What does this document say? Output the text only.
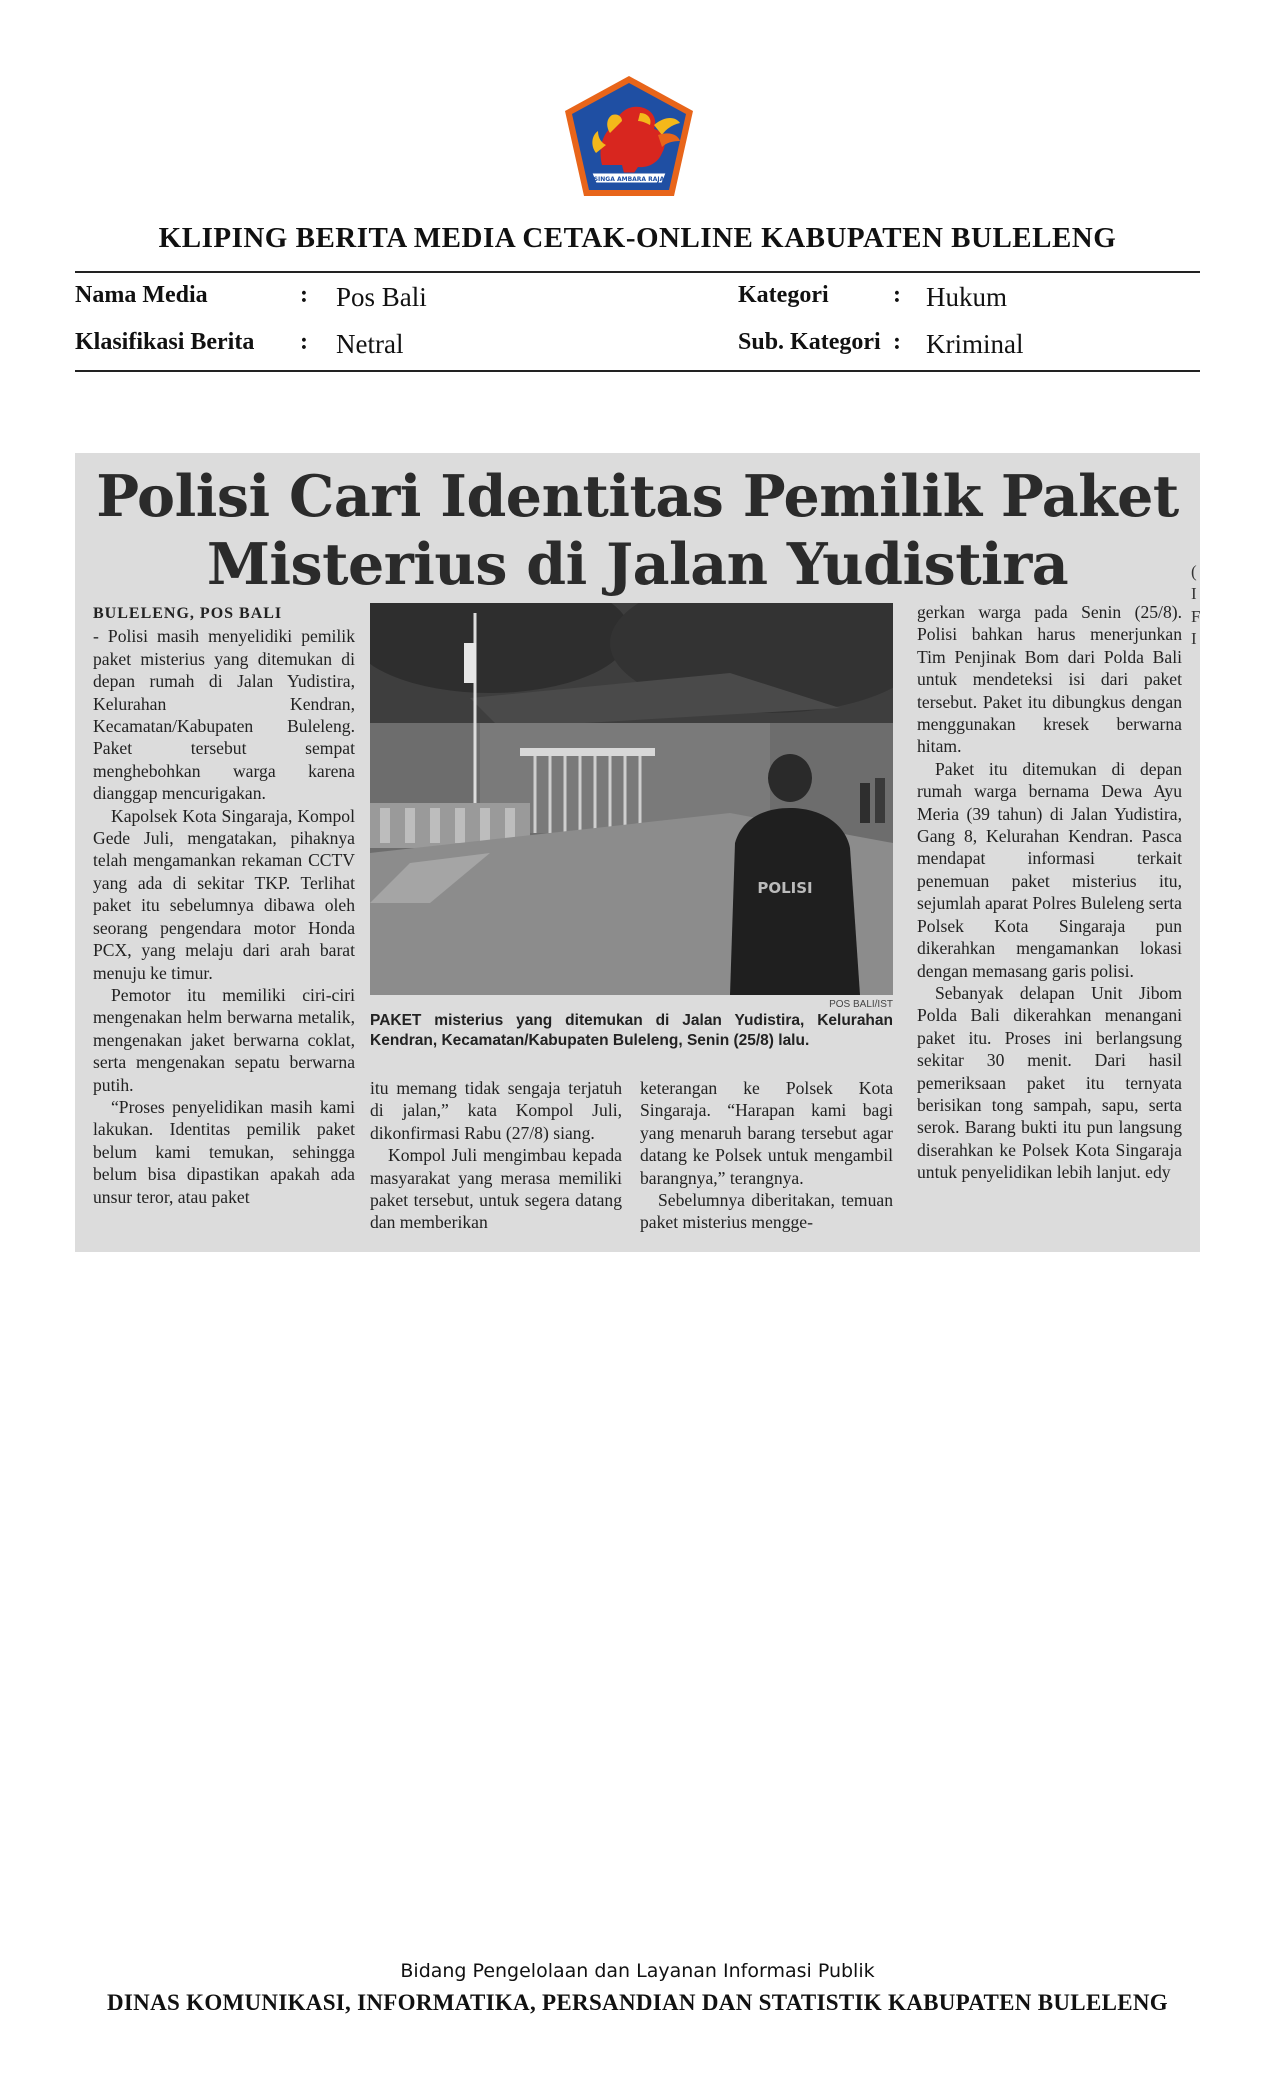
SINGA AMBARA RAJA
KLIPING BERITA MEDIA CETAK-ONLINE KABUPATEN BULELENG
Nama Media	: Pos Bali
Klasifikasi Berita : Netral
Kategori	: Hukum
Sub. Kategori : Kriminal
Polisi Cari Identitas Pemilik Paket
Misterius di Jalan Yudistira
BULELENG, POS BALI

- Polisi masih menyelidiki pemilik paket misterius yang ditemukan di depan rumah di Jalan Yudistira, Kelurahan Kendran, Kecamatan/Kabupaten Buleleng. Paket tersebut sempat menghebohkan warga karena dianggap mencurigakan.

Kapolsek Kota Singaraja, Kompol Gede Juli, mengatakan, pihaknya telah mengamankan rekaman CCTV yang ada di sekitar TKP. Terlihat paket itu sebelumnya dibawa oleh seorang pengendara motor Honda PCX, yang melaju dari arah barat menuju ke timur.

Pemotor itu memiliki ciri-ciri mengenakan helm berwarna metalik, mengenakan jaket berwarna coklat, serta mengenakan sepatu berwarna putih.

“Proses penyelidikan masih kami lakukan. Identitas pemilik paket belum kami temukan, sehingga belum bisa dipastikan apakah ada unsur teror, atau paket

POLISI
POS BALI/IST
PAKET misterius yang ditemukan di Jalan Yudistira, Kelurahan Kendran, Kecamatan/Kabupaten Buleleng, Senin (25/8) lalu.

itu memang tidak sengaja terjatuh di jalan,” kata Kompol Juli, dikonfirmasi Rabu (27/8) siang.

Kompol Juli mengimbau kepada masyarakat yang merasa memiliki paket tersebut, untuk segera datang dan memberikan

keterangan ke Polsek Kota Singaraja. “Harapan kami bagi yang menaruh barang tersebut agar datang ke Polsek untuk mengambil barangnya,” terangnya.

Sebelumnya diberitakan, temuan paket misterius mengge-

gerkan warga pada Senin (25/8). Polisi bahkan harus menerjunkan Tim Penjinak Bom dari Polda Bali untuk mendeteksi isi dari paket tersebut. Paket itu dibungkus dengan menggunakan kresek berwarna hitam.

Paket itu ditemukan di depan rumah warga bernama Dewa Ayu Meria (39 tahun) di Jalan Yudistira, Gang 8, Kelurahan Kendran. Pasca mendapat informasi terkait penemuan paket misterius itu, sejumlah aparat Polres Buleleng serta Polsek Kota Singaraja pun dikerahkan mengamankan lokasi dengan memasang garis polisi.

Sebanyak delapan Unit Jibom Polda Bali dikerahkan menangani paket itu. Proses ini berlangsung sekitar 30 menit. Dari hasil pemeriksaan paket itu ternyata berisikan tong sampah, sapu, serta serok. Barang bukti itu pun langsung diserahkan ke Polsek Kota Singaraja untuk penyelidikan lebih lanjut. edy

( I F I
Bidang Pengelolaan dan Layanan Informasi Publik
DINAS KOMUNIKASI, INFORMATIKA, PERSANDIAN DAN STATISTIK KABUPATEN BULELENG
